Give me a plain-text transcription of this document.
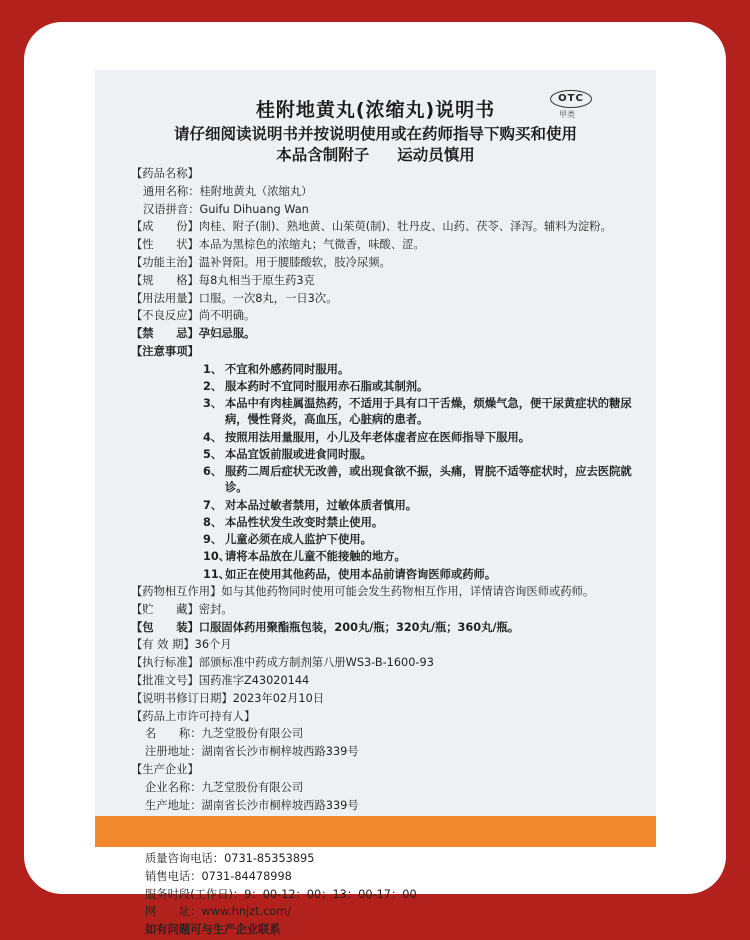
OTC
甲类
桂附地黄丸(浓缩丸)说明书
请仔细阅读说明书并按说明使用或在药师指导下购买和使用
本品含制附子 运动员慎用
【药品名称】
通用名称： 桂附地黄丸（浓缩丸）
汉语拼音： Guifu Dihuang Wan
【成　　份】 肉桂、附子(制)、熟地黄、山茱萸(制)、牡丹皮、山药、茯苓、泽泻。辅料为淀粉。
【性　　状】 本品为黑棕色的浓缩丸；气微香，味酸、涩。
【功能主治】 温补肾阳。用于腰膝酸软，肢冷尿频。
【规　　格】 每8丸相当于原生药3克
【用法用量】 口服。一次8丸，一日3次。
【不良反应】 尚不明确。
【禁　　忌】 孕妇忌服。
【注意事项】
1、 不宜和外感药同时服用。
2、 服本药时不宜同时服用赤石脂或其制剂。
3、 本品中有肉桂属温热药，不适用于具有口干舌燥，烦燥气急，便干尿黄症状的糖尿病，慢性肾炎，高血压，心脏病的患者。
4、 按照用法用量服用，小儿及年老体虚者应在医师指导下服用。
5、 本品宜饭前服或进食同时服。
6、 服药二周后症状无改善，或出现食欲不振，头痛，胃脘不适等症状时，应去医院就诊。
7、 对本品过敏者禁用，过敏体质者慎用。
8、 本品性状发生改变时禁止使用。
9、 儿童必须在成人监护下使用。
10、
请将本品放在儿童不能接触的地方。
11、
如正在使用其他药品，使用本品前请咨询医师或药师。
【药物相互作用】 如与其他药物同时使用可能会发生药物相互作用，详情请咨询医师或药师。
【贮　　藏】 密封。
【包　　装】 口服固体药用聚酯瓶包装，200丸/瓶；320丸/瓶；360丸/瓶。
【有 效 期】 36个月
【执行标准】 部颁标准中药成方制剂第八册WS3-B-1600-93
【批准文号】 国药准字Z43020144
【说明书修订日期】 2023年02月10日
【药品上市许可持有人】
名　　称： 九芝堂股份有限公司
注册地址： 湖南省长沙市桐梓坡西路339号
【生产企业】
企业名称： 九芝堂股份有限公司
生产地址： 湖南省长沙市桐梓坡西路339号
质量咨询电话： 0731-85353895
销售电话： 0731-84478998
服务时段(工作日)： 9：00-12：00；13：00-17：00
网　　址： www.hnjzt.com/
如有问题可与生产企业联系
